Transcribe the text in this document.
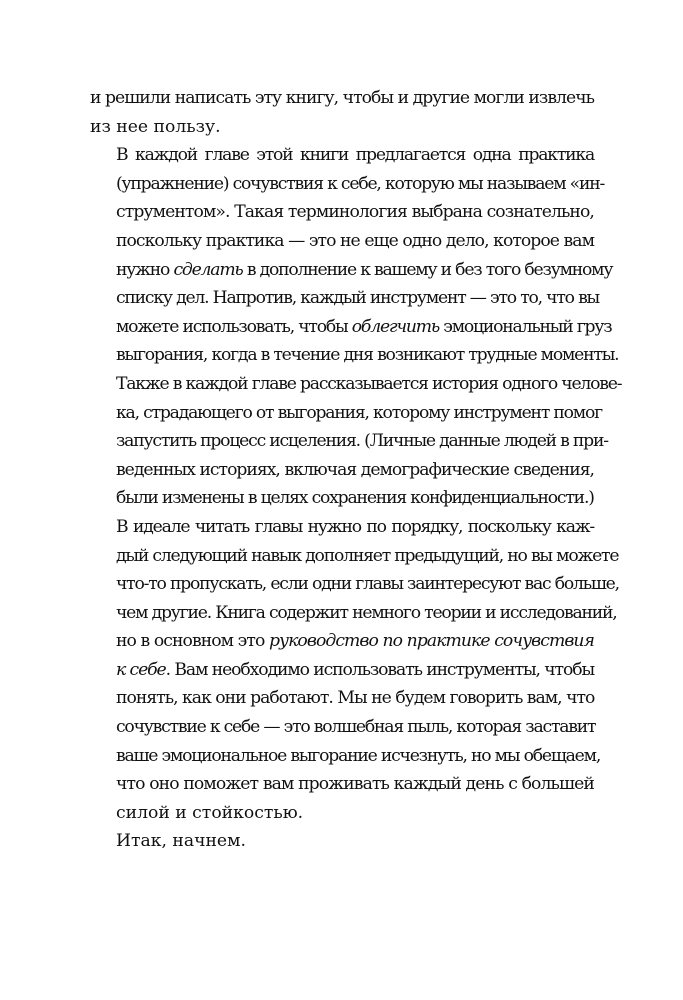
и решили написать эту книгу, чтобы и другие могли извлечь
из нее пользу.

В каждой главе этой книги предлагается одна практика
(упражнение) сочувствия к себе, которую мы называем «ин-
струментом». Такая терминология выбрана сознательно,
поскольку практика — это не еще одно дело, которое вам
нужно сделать в дополнение к вашему и без того безумному
списку дел. Напротив, каждый инструмент — это то, что вы
можете использовать, чтобы облегчить эмоциональный груз
выгорания, когда в течение дня возникают трудные моменты.
Также в каждой главе рассказывается история одного челове-
ка, страдающего от выгорания, которому инструмент помог
запустить процесс исцеления. (Личные данные людей в при-
веденных историях, включая демографические сведения,
были изменены в целях сохранения конфиденциальности.)

В идеале читать главы нужно по порядку, поскольку каж-
дый следующий навык дополняет предыдущий, но вы можете
что-то пропускать, если одни главы заинтересуют вас больше,
чем другие. Книга содержит немного теории и исследований,
но в основном это руководство по практике сочувствия
к себе. Вам необходимо использовать инструменты, чтобы
понять, как они работают. Мы не будем говорить вам, что
сочувствие к себе — это волшебная пыль, которая заставит
ваше эмоциональное выгорание исчезнуть, но мы обещаем,
что оно поможет вам проживать каждый день с большей
силой и стойкостью.

Итак, начнем.
